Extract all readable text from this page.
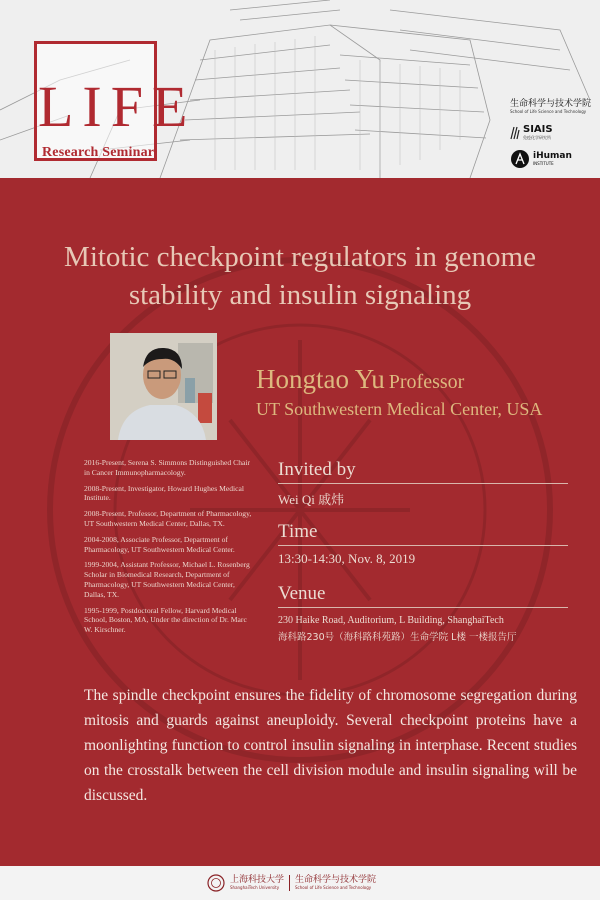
LIFE
Research Seminar
生命科学与技术学院
School of Life Science and Technology
SIAIS
免疫化学研究所
iHuman
INSTITUTE
Mitotic checkpoint regulators in genome
stability and insulin signaling
Hongtao Yu Professor
UT Southwestern Medical Center, USA

2016-Present, Serena S. Simmons Distinguished Chair in Cancer Immunopharmacology.

2008-Present, Investigator, Howard Hughes Medical Institute.

2008-Present, Professor, Department of Pharmacology, UT Southwestern Medical Center, Dallas, TX.

2004-2008, Associate Professor, Department of Pharmacology, UT Southwestern Medical Center.

1999-2004, Assistant Professor, Michael L. Rosenberg Scholar in Biomedical Research, Department of Pharmacology, UT Southwestern Medical Center, Dallas, TX.

1995-1999, Postdoctoral Fellow, Harvard Medical School, Boston, MA, Under the direction of Dr. Marc W. Kirschner.

Invited by
Wei Qi 戚炜
Time
13:30-14:30, Nov. 8, 2019
Venue
230 Haike Road, Auditorium, L Building, ShanghaiTech
海科路230号（海科路科苑路）生命学院 L楼 一楼报告厅
The spindle checkpoint ensures the fidelity of chromosome segregation during mitosis and guards against aneuploidy. Several checkpoint proteins have a moonlighting function to control insulin signaling in interphase. Recent studies on the crosstalk between the cell division module and insulin signaling will be discussed.
上海科技大学
ShanghaiTech University
生命科学与技术学院
School of Life Science and Technology
